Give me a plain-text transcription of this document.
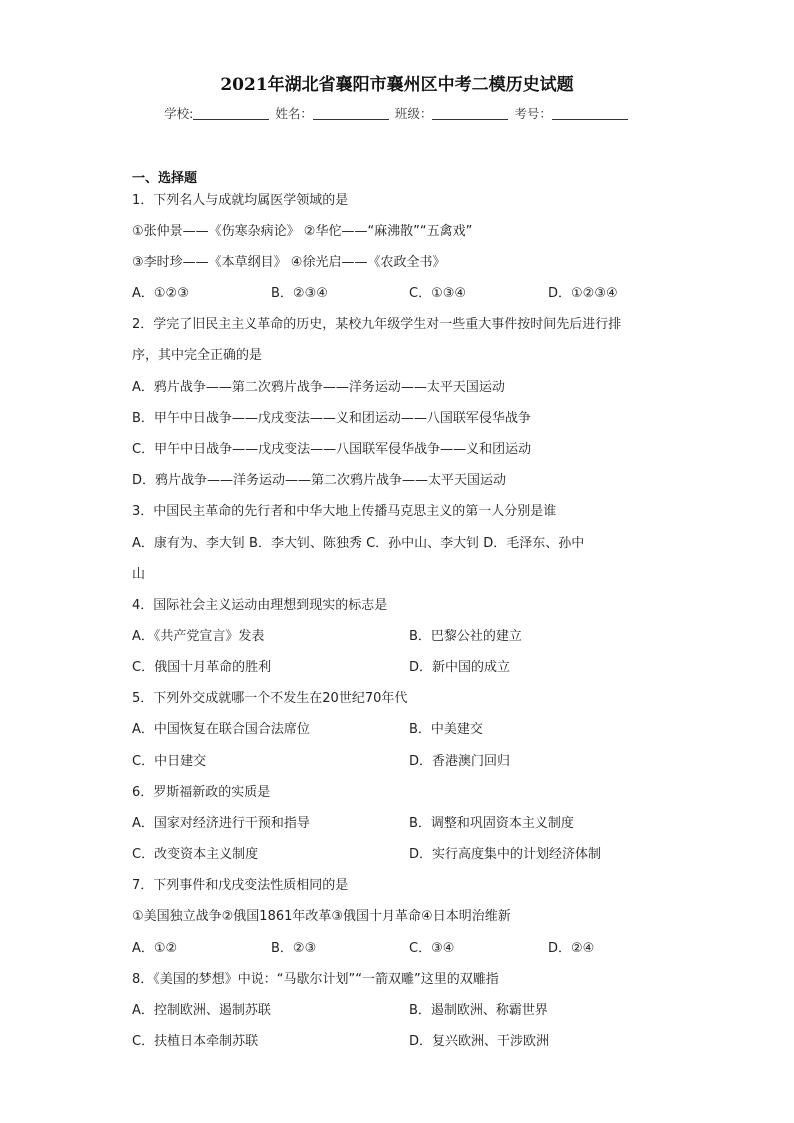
2021年湖北省襄阳市襄州区中考二模历史试题
学校:	姓名：	班级：	考号：
一、选择题
1．下列名人与成就均属医学领域的是
①张仲景——《伤寒杂病论》 ②华佗——“麻沸散”“五禽戏”
③李时珍——《本草纲目》 ④徐光启——《农政全书》
A．①②③	B．②③④	C．①③④	D．①②③④
2．学完了旧民主主义革命的历史，某校九年级学生对一些重大事件按时间先后进行排
序，其中完全正确的是
A．鸦片战争——第二次鸦片战争——洋务运动——太平天国运动
B．甲午中日战争——戊戌变法——义和团运动——八国联军侵华战争
C．甲午中日战争——戊戌变法——八国联军侵华战争——义和团运动
D．鸦片战争——洋务运动——第二次鸦片战争——太平天国运动
3．中国民主革命的先行者和中华大地上传播马克思主义的第一人分别是谁
A．康有为、李大钊 B．李大钊、陈独秀 C．孙中山、李大钊 D．毛泽东、孙中
山
4．国际社会主义运动由理想到现实的标志是
A．《共产党宣言》发表	B．巴黎公社的建立
C．俄国十月革命的胜利	D．新中国的成立
5．下列外交成就哪一个不发生在20世纪70年代
A．中国恢复在联合国合法席位	B．中美建交
C．中日建交	D．香港澳门回归
6．罗斯福新政的实质是
A．国家对经济进行干预和指导	B．调整和巩固资本主义制度
C．改变资本主义制度	D．实行高度集中的计划经济体制
7．下列事件和戊戌变法性质相同的是
①美国独立战争②俄国1861年改革③俄国十月革命④日本明治维新
A．①②	B．②③	C．③④	D．②④
8．《美国的梦想》中说：“马歇尔计划”“一箭双雕”这里的双雕指
A．控制欧洲、遏制苏联	B．遏制欧洲、称霸世界
C．扶植日本牵制苏联	D．复兴欧洲、干涉欧洲
